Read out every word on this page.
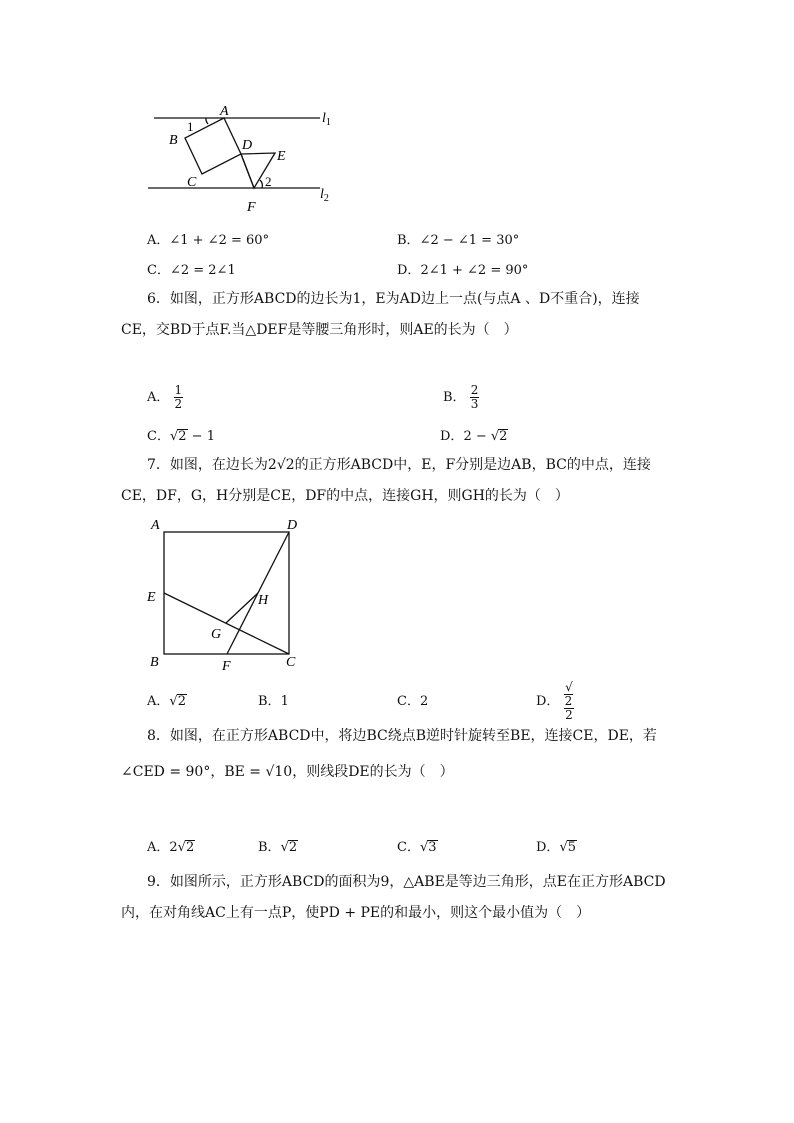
A
B
C
D
E
F
1
2
$l_1$
$l_2$
A．∠1 + ∠2 = 60°	B．∠2 − ∠1 = 30°
C．∠2 = 2∠1	D．2∠1 + ∠2 = 90°
6．如图，正方形ABCD的边长为1，E为AD边上一点(与点A 、D不重合)，连接
CE，交BD于点F.当△DEF是等腰三角形时，则AE的长为（　）
A． $\frac{1}{2}$	B． $\frac{2}{3}$
C．√2 − 1	D．2 − √2
7．如图，在边长为2√2的正方形ABCD中，E，F分别是边AB，BC的中点，连接
CE，DF，G，H分别是CE，DF的中点，连接GH，则GH的长为（　）
A	D
E	H
G
B	F	C
A．√2	B．1	C．2	D． √
2
2
8．如图，在正方形ABCD中，将边BC绕点B逆时针旋转至BE，连接CE，DE，若
∠CED = 90°，BE = √10，则线段DE的长为（　）
A．2√2	B．√2	C．√3	D．√5
9．如图所示，正方形ABCD的面积为9，△ABE是等边三角形，点E在正方形ABCD
内，在对角线AC上有一点P，使PD + PE的和最小，则这个最小值为（　）
